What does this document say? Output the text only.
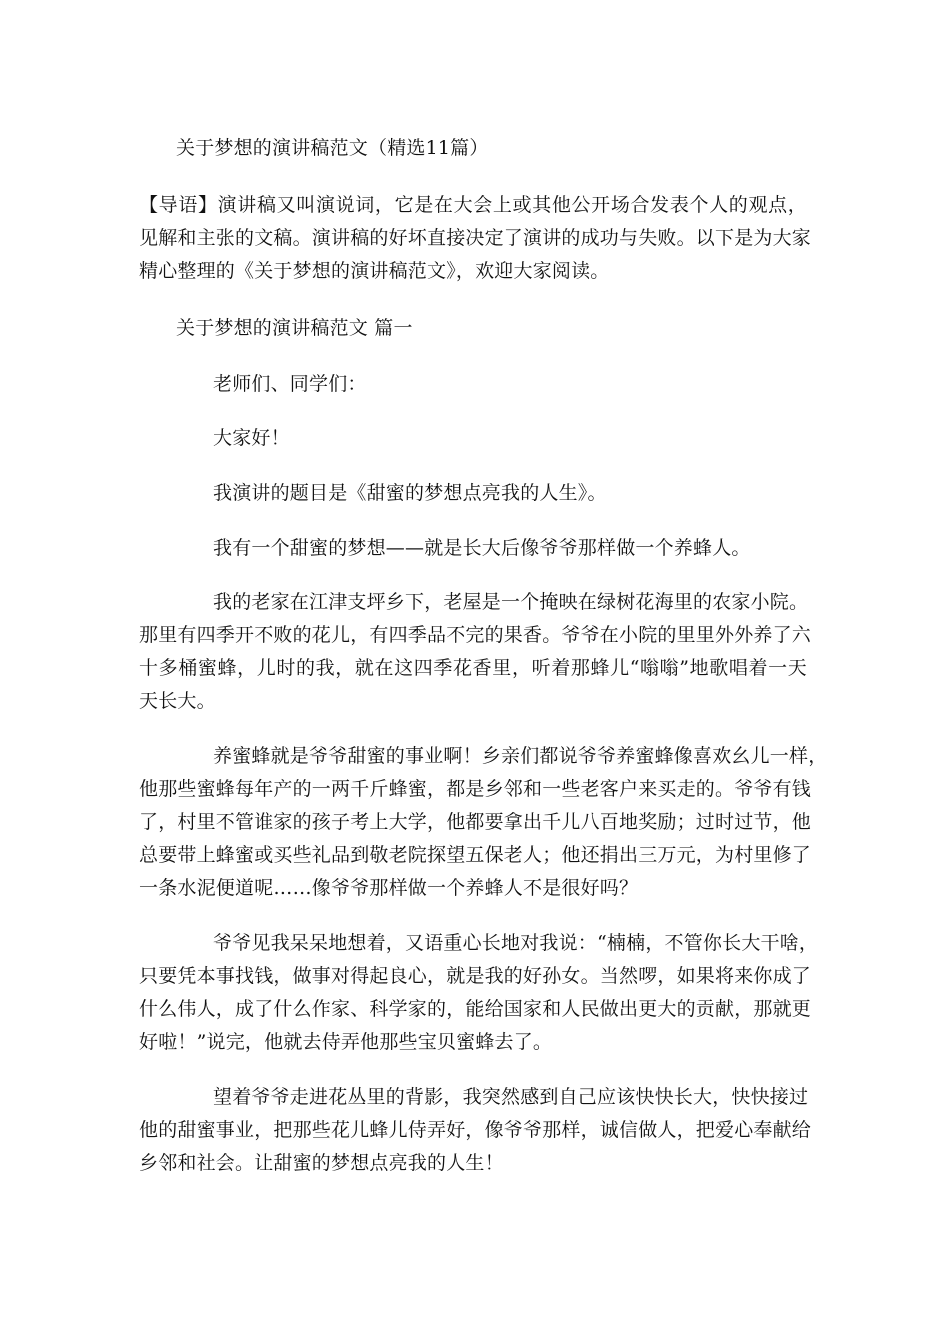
关于梦想的演讲稿范文（精选11篇）
【导语】演讲稿又叫演说词，它是在大会上或其他公开场合发表个人的观点，
见解和主张的文稿。演讲稿的好坏直接决定了演讲的成功与失败。以下是为大家
精心整理的《关于梦想的演讲稿范文》，欢迎大家阅读。
关于梦想的演讲稿范文 篇一
老师们、同学们：
大家好！
我演讲的题目是《甜蜜的梦想点亮我的人生》。
我有一个甜蜜的梦想——就是长大后像爷爷那样做一个养蜂人。
我的老家在江津支坪乡下，老屋是一个掩映在绿树花海里的农家小院。
那里有四季开不败的花儿，有四季品不完的果香。爷爷在小院的里里外外养了六
十多桶蜜蜂，儿时的我，就在这四季花香里，听着那蜂儿“嗡嗡”地歌唱着一天
天长大。
养蜜蜂就是爷爷甜蜜的事业啊！乡亲们都说爷爷养蜜蜂像喜欢幺儿一样，
他那些蜜蜂每年产的一两千斤蜂蜜，都是乡邻和一些老客户来买走的。爷爷有钱
了，村里不管谁家的孩子考上大学，他都要拿出千儿八百地奖励；过时过节，他
总要带上蜂蜜或买些礼品到敬老院探望五保老人；他还捐出三万元，为村里修了
一条水泥便道呢……像爷爷那样做一个养蜂人不是很好吗？
爷爷见我呆呆地想着，又语重心长地对我说：“楠楠，不管你长大干啥，
只要凭本事找钱，做事对得起良心，就是我的好孙女。当然啰，如果将来你成了
什么伟人，成了什么作家、科学家的，能给国家和人民做出更大的贡献，那就更
好啦！”说完，他就去侍弄他那些宝贝蜜蜂去了。
望着爷爷走进花丛里的背影，我突然感到自己应该快快长大，快快接过
他的甜蜜事业，把那些花儿蜂儿侍弄好，像爷爷那样，诚信做人，把爱心奉献给
乡邻和社会。让甜蜜的梦想点亮我的人生！
